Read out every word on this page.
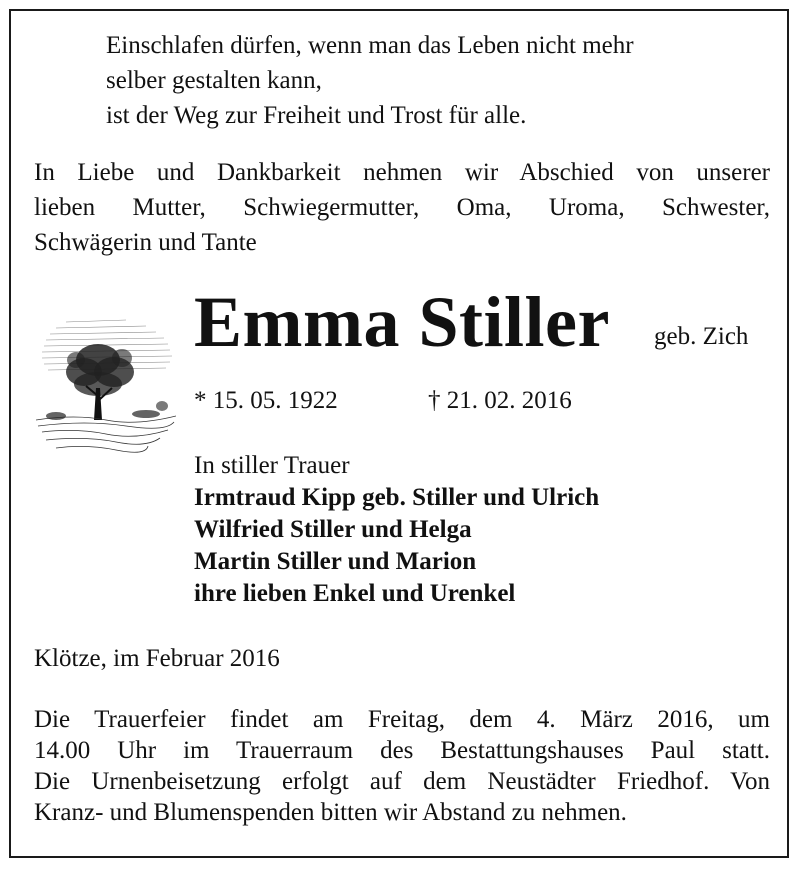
Einschlafen dürfen, wenn man das Leben nicht mehr
selber gestalten kann,
ist der Weg zur Freiheit und Trost für alle.
In Liebe und Dankbarkeit nehmen wir Abschied von unserer
lieben Mutter, Schwiegermutter, Oma, Uroma, Schwester,
Schwägerin und Tante
Emma Stiller geb. Zich
* 15. 05. 1922	† 21. 02. 2016
In stiller Trauer
Irmtraud Kipp geb. Stiller und Ulrich
Wilfried Stiller und Helga
Martin Stiller und Marion
ihre lieben Enkel und Urenkel
Klötze, im Februar 2016
Die Trauerfeier findet am Freitag, dem 4. März 2016, um
14.00 Uhr im Trauerraum des Bestattungshauses Paul statt.
Die Urnenbeisetzung erfolgt auf dem Neustädter Friedhof. Von
Kranz- und Blumenspenden bitten wir Abstand zu nehmen.
